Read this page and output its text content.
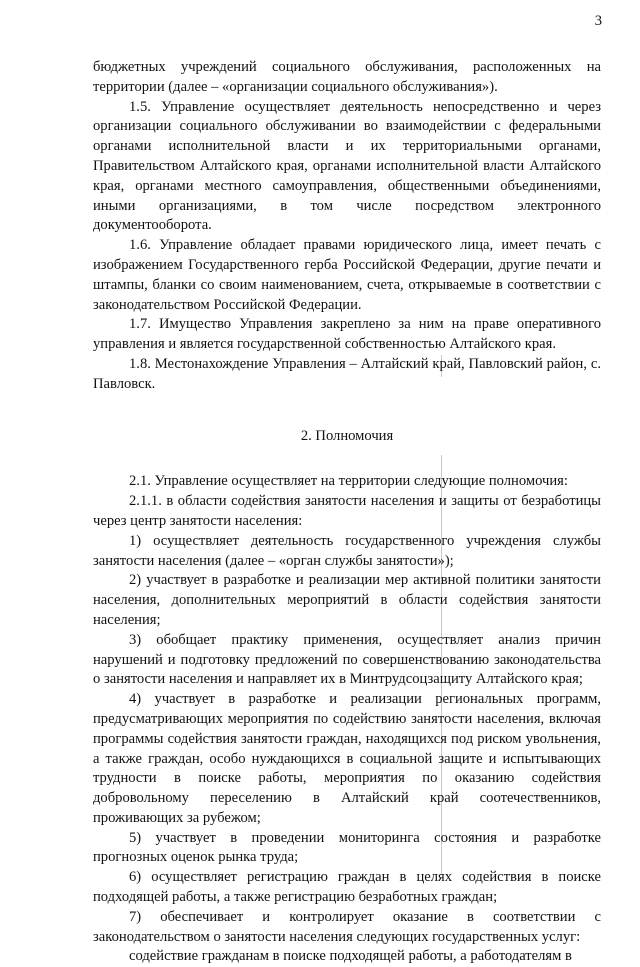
3

бюджетных учреждений социального обслуживания, расположенных на территории (далее – «организации социального обслуживания»).

1.5. Управление осуществляет деятельность непосредственно и через организации социального обслуживании во взаимодействии с федеральными органами исполнительной власти и их территориальными органами, Правительством Алтайского края, органами исполнительной власти Алтайского края, органами местного самоуправления, общественными объединениями, иными организациями, в том числе посредством электронного документооборота.

1.6. Управление обладает правами юридического лица, имеет печать с изображением Государственного герба Российской Федерации, другие печати и штампы, бланки со своим наименованием, счета, открываемые в соответствии с законодательством Российской Федерации.

1.7. Имущество Управления закреплено за ним на праве оперативного управления и является государственной собственностью Алтайского края.

1.8. Местонахождение Управления – Алтайский край, Павловский район, с. Павловск.

2. Полномочия

2.1. Управление осуществляет на территории следующие полномочия:

2.1.1. в области содействия занятости населения и защиты от безработицы через центр занятости населения:

1) осуществляет деятельность государственного учреждения службы занятости населения (далее – «орган службы занятости»);

2) участвует в разработке и реализации мер активной политики занятости населения, дополнительных мероприятий в области содействия занятости населения;

3) обобщает практику применения, осуществляет анализ причин нарушений и подготовку предложений по совершенствованию законодательства о занятости населения и направляет их в Минтрудсоцзащиту Алтайского края;

4) участвует в разработке и реализации региональных программ, предусматривающих мероприятия по содействию занятости населения, включая программы содействия занятости граждан, находящихся под риском увольнения, а также граждан, особо нуждающихся в социальной защите и испытывающих трудности в поиске работы, мероприятия по оказанию содействия добровольному переселению в Алтайский край соотечественников, проживающих за рубежом;

5) участвует в проведении мониторинга состояния и разработке прогнозных оценок рынка труда;

6) осуществляет регистрацию граждан в целях содействия в поиске подходящей работы, а также регистрацию безработных граждан;

7) обеспечивает и контролирует оказание в соответствии с законодательством о занятости населения следующих государственных услуг:

содействие гражданам в поиске подходящей работы, а работодателям в
